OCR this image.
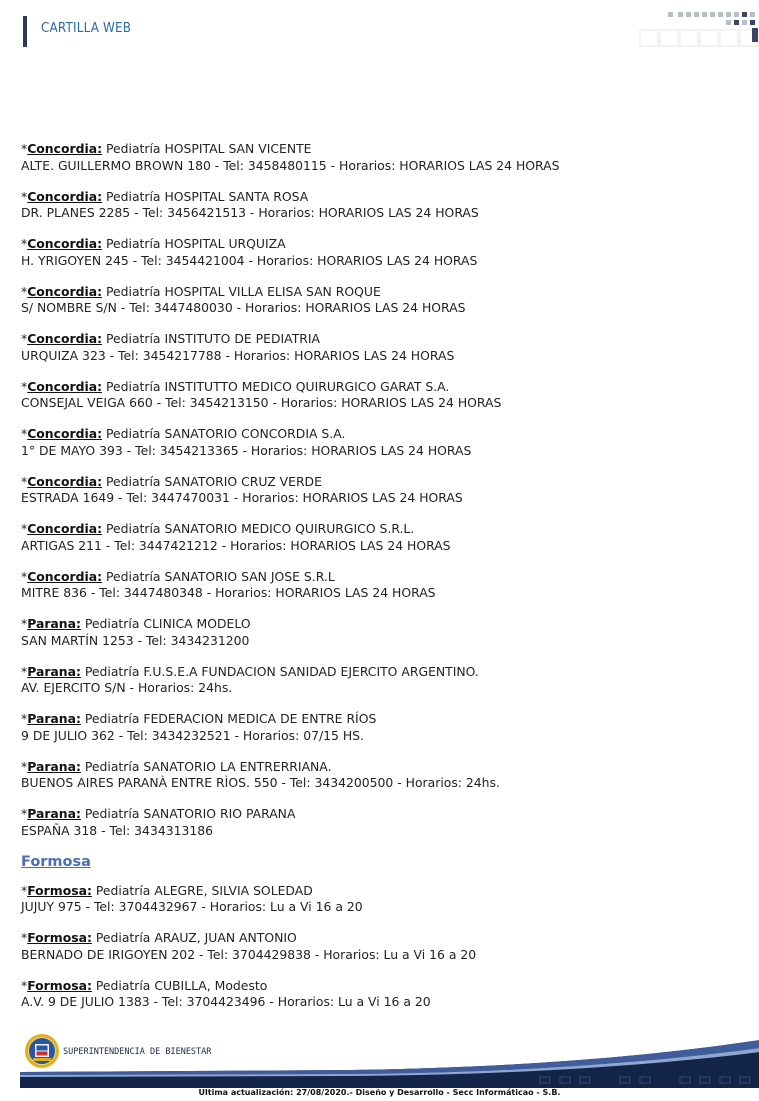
CARTILLA WEB
*Concordia: Pediatría HOSPITAL SAN VICENTE
ALTE. GUILLERMO BROWN 180 - Tel: 3458480115 - Horarios: HORARIOS LAS 24 HORAS
*Concordia: Pediatría HOSPITAL SANTA ROSA
DR. PLANES 2285 - Tel: 3456421513 - Horarios: HORARIOS LAS 24 HORAS
*Concordia: Pediatría HOSPITAL URQUIZA
H. YRIGOYEN 245 - Tel: 3454421004 - Horarios: HORARIOS LAS 24 HORAS
*Concordia: Pediatría HOSPITAL VILLA ELISA SAN ROQUE
S/ NOMBRE S/N - Tel: 3447480030 - Horarios: HORARIOS LAS 24 HORAS
*Concordia: Pediatría INSTITUTO DE PEDIATRIA
URQUIZA 323 - Tel: 3454217788 - Horarios: HORARIOS LAS 24 HORAS
*Concordia: Pediatría INSTITUTTO MEDICO QUIRURGICO GARAT S.A.
CONSEJAL VEIGA 660 - Tel: 3454213150 - Horarios: HORARIOS LAS 24 HORAS
*Concordia: Pediatría SANATORIO CONCORDIA S.A.
1° DE MAYO 393 - Tel: 3454213365 - Horarios: HORARIOS LAS 24 HORAS
*Concordia: Pediatría SANATORIO CRUZ VERDE
ESTRADA 1649 - Tel: 3447470031 - Horarios: HORARIOS LAS 24 HORAS
*Concordia: Pediatría SANATORIO MEDICO QUIRURGICO S.R.L.
ARTIGAS 211 - Tel: 3447421212 - Horarios: HORARIOS LAS 24 HORAS
*Concordia: Pediatría SANATORIO SAN JOSE S.R.L
MITRE 836 - Tel: 3447480348 - Horarios: HORARIOS LAS 24 HORAS
*Parana: Pediatría CLINICA MODELO
SAN MARTÍN 1253 - Tel: 3434231200
*Parana: Pediatría F.U.S.E.A FUNDACION SANIDAD EJERCITO ARGENTINO.
AV. EJERCITO S/N - Horarios: 24hs.
*Parana: Pediatría FEDERACION MEDICA DE ENTRE RÍOS
9 DE JULIO 362 - Tel: 3434232521 - Horarios: 07/15 HS.
*Parana: Pediatría SANATORIO LA ENTRERRIANA.
BUENOS AIRES PARANÀ ENTRE RÌOS. 550 - Tel: 3434200500 - Horarios: 24hs.
*Parana: Pediatría SANATORIO RIO PARANA
ESPAÑA 318 - Tel: 3434313186
Formosa
*Formosa: Pediatría ALEGRE, SILVIA SOLEDAD
JUJUY 975 - Tel: 3704432967 - Horarios: Lu a Vi 16 a 20
*Formosa: Pediatría ARAUZ, JUAN ANTONIO
BERNADO DE IRIGOYEN 202 - Tel: 3704429838 - Horarios: Lu a Vi 16 a 20
*Formosa: Pediatría CUBILLA, Modesto
A.V. 9 DE JULIO 1383 - Tel: 3704423496 - Horarios: Lu a Vi 16 a 20
SUPERINTENDENCIA DE BIENESTAR
Ultima actualización: 27/08/2020.- Diseño y Desarrollo - Secc Informáticao - S.B.
